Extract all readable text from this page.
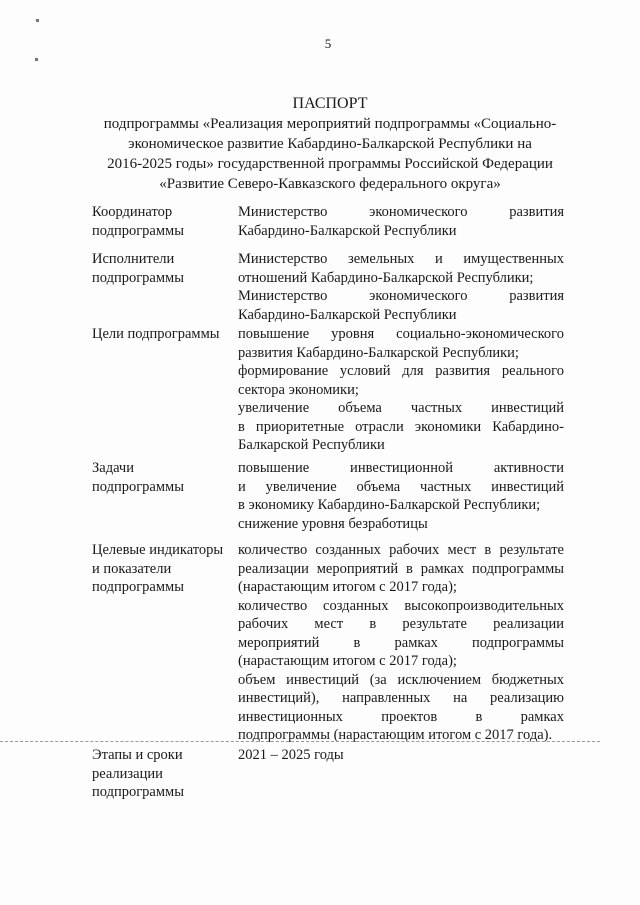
5
ПАСПОРТ
подпрограммы «Реализация мероприятий подпрограммы «Социально-
экономическое развитие Кабардино-Балкарской Республики на
2016-2025 годы» государственной программы Российской Федерации
«Развитие Северо-Кавказского федерального округа»
Координатор
подпрограммы
Министерство экономического развития
Кабардино-Балкарской Республики
Исполнители
подпрограммы
Министерство земельных и имущественных
отношений Кабардино-Балкарской Республики;
Министерство экономического развития
Кабардино-Балкарской Республики
Цели подпрограммы	повышение уровня социально-экономического
развития Кабардино-Балкарской Республики;
формирование условий для развития реального
сектора экономики;
увеличение объема частных инвестиций
в приоритетные отрасли экономики Кабардино-
Балкарской Республики
Задачи
подпрограммы
повышение инвестиционной активности
и увеличение объема частных инвестиций
в экономику Кабардино-Балкарской Республики;
снижение уровня безработицы
Целевые индикаторы
и показатели
подпрограммы
количество созданных рабочих мест в результате
реализации мероприятий в рамках подпрограммы
(нарастающим итогом с 2017 года);
количество созданных высокопроизводительных
рабочих мест в результате реализации
мероприятий в рамках подпрограммы
(нарастающим итогом с 2017 года);
объем инвестиций (за исключением бюджетных
инвестиций), направленных на реализацию
инвестиционных проектов в рамках
подпрограммы (нарастающим итогом с 2017 года).
Этапы и сроки
реализации
подпрограммы
2021 – 2025 годы
